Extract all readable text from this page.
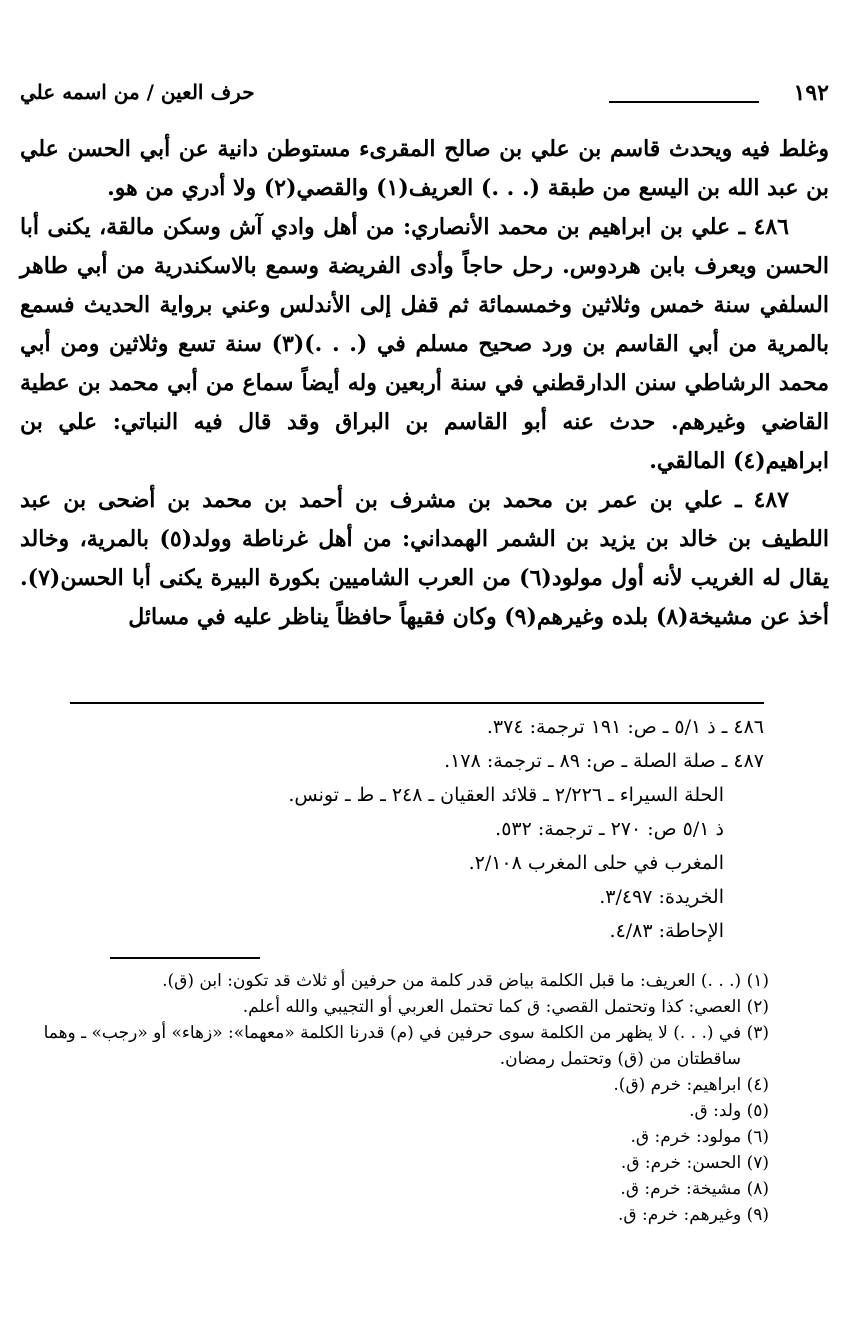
١٩٢
حرف العين / من اسمه علي

وغلط فيه ويحدث قاسم بن علي بن صالح المقرىء مستوطن دانية عن أبي الحسن علي بن عبد الله بن اليسع من طبقة (. . .) العريف(١) والقصي(٢) ولا أدري من هو.

٤٨٦ ـ علي بن ابراهيم بن محمد الأنصاري: من أهل وادي آش وسكن مالقة، يكنى أبا الحسن ويعرف بابن هردوس. رحل حاجاً وأدى الفريضة وسمع بالاسكندرية من أبي طاهر السلفي سنة خمس وثلاثين وخمسمائة ثم قفل إلى الأندلس وعني برواية الحديث فسمع بالمرية من أبي القاسم بن ورد صحيح مسلم في (. . .)(٣) سنة تسع وثلاثين ومن أبي محمد الرشاطي سنن الدارقطني في سنة أربعين وله أيضاً سماع من أبي محمد بن عطية القاضي وغيرهم. حدث عنه أبو القاسم بن البراق وقد قال فيه النباتي: علي بن ابراهيم(٤) المالقي.

٤٨٧ ـ علي بن عمر بن محمد بن مشرف بن أحمد بن محمد بن أضحى بن عبد اللطيف بن خالد بن يزيد بن الشمر الهمداني: من أهل غرناطة وولد(٥) بالمرية، وخالد يقال له الغريب لأنه أول مولود(٦) من العرب الشاميين بكورة البيرة يكنى أبا الحسن(٧). أخذ عن مشيخة(٨) بلده وغيرهم(٩) وكان فقيهاً حافظاً يناظر عليه في مسائل

٤٨٦ ـ ذ ٥/١ ـ ص: ١٩١ ترجمة: ٣٧٤.

٤٨٧ ـ صلة الصلة ـ ص: ٨٩ ـ ترجمة: ١٧٨.

الحلة السيراء ـ ٢/٢٢٦ ـ قلائد العقيان ـ ٢٤٨ ـ ط ـ تونس.

ذ ٥/١ ص: ٢٧٠ ـ ترجمة: ٥٣٢.

المغرب في حلى المغرب ٢/١٠٨.

الخريدة: ٣/٤٩٧.

الإحاطة: ٤/٨٣.

(١) (. . .) العريف: ما قبل الكلمة بياض قدر كلمة من حرفين أو ثلاث قد تكون: ابن (ق).

(٢) العصي: كذا وتحتمل القصي: ق كما تحتمل العربي أو التجيبي والله أعلم.

(٣) في (. . .) لا يظهر من الكلمة سوى حرفين في (م) قدرنا الكلمة «معهما»: «زهاء» أو «رجب» ـ وهما

ساقطتان من (ق) وتحتمل رمضان.

(٤) ابراهيم: خرم (ق).

(٥) ولد: ق.

(٦) مولود: خرم: ق.

(٧) الحسن: خرم: ق.

(٨) مشيخة: خرم: ق.

(٩) وغيرهم: خرم: ق.
